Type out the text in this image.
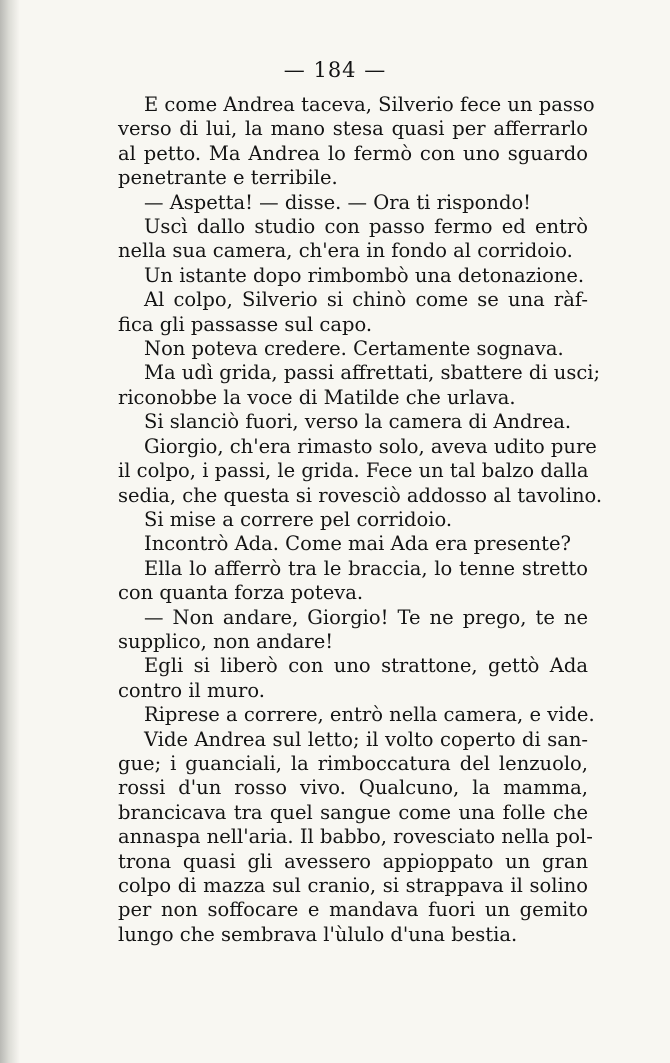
— 184 —
E come Andrea taceva, Silverio fece un passo
verso di lui, la mano stesa quasi per afferrarlo
al petto. Ma Andrea lo fermò con uno sguardo
penetrante e terribile.
— Aspetta! — disse. — Ora ti rispondo!
Uscì dallo studio con passo fermo ed entrò
nella sua camera, ch'era in fondo al corridoio.
Un istante dopo rimbombò una detonazione.
Al colpo, Silverio si chinò come se una ràf-
fica gli passasse sul capo.
Non poteva credere. Certamente sognava.
Ma udì grida, passi affrettati, sbattere di usci;
riconobbe la voce di Matilde che urlava.
Si slanciò fuori, verso la camera di Andrea.
Giorgio, ch'era rimasto solo, aveva udito pure
il colpo, i passi, le grida. Fece un tal balzo dalla
sedia, che questa si rovesciò addosso al tavolino.
Si mise a correre pel corridoio.
Incontrò Ada. Come mai Ada era presente?
Ella lo afferrò tra le braccia, lo tenne stretto
con quanta forza poteva.
— Non andare, Giorgio! Te ne prego, te ne
supplico, non andare!
Egli si liberò con uno strattone, gettò Ada
contro il muro.
Riprese a correre, entrò nella camera, e vide.
Vide Andrea sul letto; il volto coperto di san-
gue; i guanciali, la rimboccatura del lenzuolo,
rossi d'un rosso vivo. Qualcuno, la mamma,
brancicava tra quel sangue come una folle che
annaspa nell'aria. Il babbo, rovesciato nella pol-
trona quasi gli avessero appioppato un gran
colpo di mazza sul cranio, si strappava il solino
per non soffocare e mandava fuori un gemito
lungo che sembrava l'ùlulo d'una bestia.
